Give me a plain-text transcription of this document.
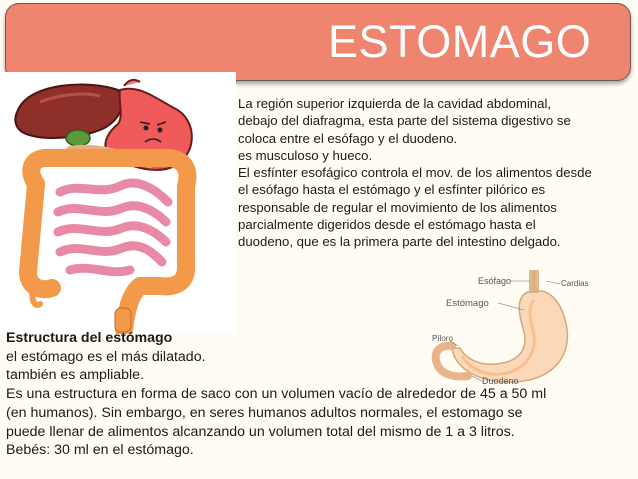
ESTOMAGO
La región superior izquierda de la cavidad abdominal,
debajo del diafragma, esta parte del sistema digestivo se
coloca entre el esófago y el duodeno.
es musculoso y hueco.
El esfínter esofágico controla el mov. de los alimentos desde
el esófago hasta el estómago y el esfínter pilórico es
responsable de regular el movimiento de los alimentos
parcialmente digeridos desde el estómago hasta el
duodeno, que es la primera parte del intestino delgado.
Esófago	Cardias
Estómago
Píloro
Duodeno
Estructura del estómago
el estómago es el más dilatado.
también es ampliable.
Es una estructura en forma de saco con un volumen vacío de alrededor de 45 a 50 ml
(en humanos). Sin embargo, en seres humanos adultos normales, el estomago se
puede llenar de alimentos alcanzando un volumen total del mismo de 1 a 3 litros.
Bebés: 30 ml en el estómago.
